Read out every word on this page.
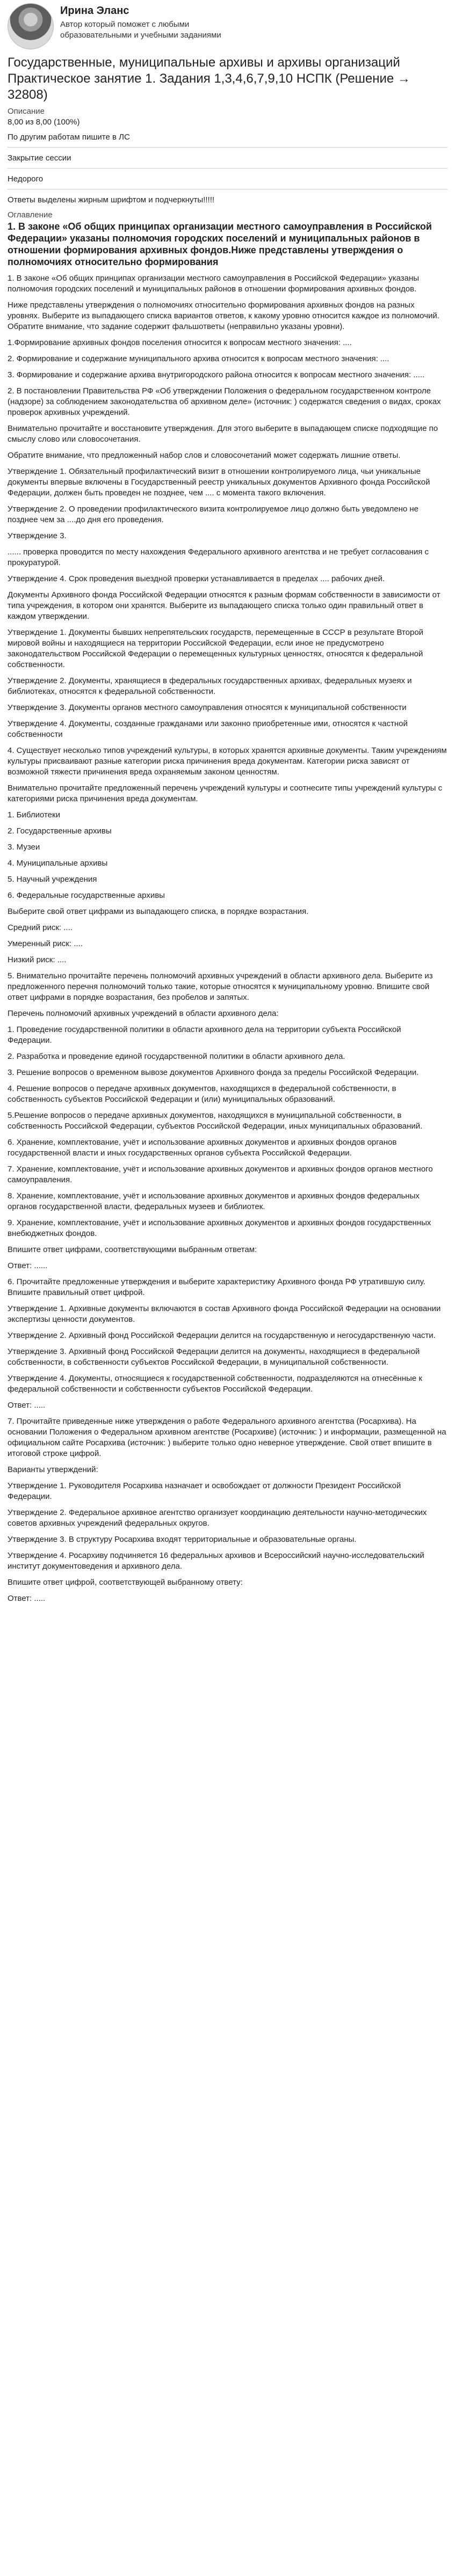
Ирина Эланс
Автор который поможет с любыми образовательными и учебными заданиями
Государственные, муниципальные архивы и архивы организаций Практическое занятие 1. Задания 1,3,4,6,7,9,10 НСПК (Решение → 32808)
Описание
8,00 из 8,00 (100%)
По другим работам пишите в ЛС
Закрытие сессии
Недорого
Ответы выделены жирным шрифтом и подчеркнуты!!!!!
Оглавление
1. В законе «Об общих принципах организации местного самоуправления в Российской Федерации» указаны полномочия городских поселений и муниципальных районов в отношении формирования архивных фондов.Ниже представлены утверждения о полномочиях относительно формирования
1. В законе «Об общих принципах организации местного самоуправления в Российской Федерации» указаны полномочия городских поселений и муниципальных районов в отношении формирования архивных фондов.
Ниже представлены утверждения о полномочиях относительно формирования архивных фондов на разных уровнях. Выберите из выпадающего списка вариантов ответов, к какому уровню относится каждое из полномочий. Обратите внимание, что задание содержит фальшответы (неправильно указаны уровни).
1.Формирование архивных фондов поселения относится к вопросам местного значения: ....
2. Формирование и содержание муниципального архива относится к вопросам местного значения: ....
3. Формирование и содержание архива внутригородского района относится к вопросам местного значения: .....
2. В постановлении Правительства РФ «Об утверждении Положения о федеральном государственном контроле (надзоре) за соблюдением законодательства об архивном деле» (источник: ) содержатся сведения о видах, сроках проверок архивных учреждений.
Внимательно прочитайте и восстановите утверждения. Для этого выберите в выпадающем списке подходящие по смыслу слово или словосочетания.
Обратите внимание, что предложенный набор слов и словосочетаний может содержать лишние ответы.
Утверждение 1. Обязательный профилактический визит в отношении контролируемого лица, чьи уникальные документы впервые включены в Государственный реестр уникальных документов Архивного фонда Российской Федерации, должен быть проведен не позднее, чем .... с момента такого включения.
Утверждение 2. О проведении профилактического визита контролируемое лицо должно быть уведомлено не позднее чем за ....до дня его проведения.
Утверждение 3.
...... проверка проводится по месту нахождения Федерального архивного агентства и не требует согласования с прокуратурой.
Утверждение 4. Срок проведения выездной проверки устанавливается в пределах .... рабочих дней.
Документы Архивного фонда Российской Федерации относятся к разным формам собственности в зависимости от типа учреждения, в котором они хранятся. Выберите из выпадающего списка только один правильный ответ в каждом утверждении.
Утверждение 1. Документы бывших непрепятельских государств, перемещенные в СССР в результате Второй мировой войны и находящиеся на территории Российской Федерации, если иное не предусмотрено законодательством Российской Федерации о перемещенных культурных ценностях, относятся к федеральной собственности.
Утверждение 2. Документы, хранящиеся в федеральных государственных архивах, федеральных музеях и библиотеках, относятся к федеральной собственности.
Утверждение 3. Документы органов местного самоуправления относятся к муниципальной собственности
Утверждение 4. Документы, созданные гражданами или законно приобретенные ими, относятся к частной собственности
4. Существует несколько типов учреждений культуры, в которых хранятся архивные документы. Таким учреждениям культуры присваивают разные категории риска причинения вреда документам. Категории риска зависят от возможной тяжести причинения вреда охраняемым законом ценностям.
Внимательно прочитайте предложенный перечень учреждений культуры и соотнесите типы учреждений культуры с категориями риска причинения вреда документам.
1. Библиотеки
2. Государственные архивы
3. Музеи
4. Муниципальные архивы
5. Научный учреждения
6. Федеральные государственные архивы
Выберите свой ответ цифрами из выпадающего списка, в порядке возрастания.
Средний риск: ....
Умеренный риск: ....
Низкий риск: ....
5. Внимательно прочитайте перечень полномочий архивных учреждений в области архивного дела. Выберите из предложенного перечня полномочий только такие, которые относятся к муниципальному уровню. Впишите свой ответ цифрами в порядке возрастания, без пробелов и запятых.
Перечень полномочий архивных учреждений в области архивного дела:
1. Проведение государственной политики в области архивного дела на территории субъекта Российской Федерации.
2. Разработка и проведение единой государственной политики в области архивного дела.
3. Решение вопросов о временном вывозе документов Архивного фонда за пределы Российской Федерации.
4. Решение вопросов о передаче архивных документов, находящихся в федеральной собственности, в собственность субъектов Российской Федерации и (или) муниципальных образований.
5.Решение вопросов о передаче архивных документов, находящихся в муниципальной собственности, в собственность Российской Федерации, субъектов Российской Федерации, иных муниципальных образований.
6. Хранение, комплектование, учёт и использование архивных документов и архивных фондов органов государственной власти и иных государственных органов субъекта Российской Федерации.
7. Хранение, комплектование, учёт и использование архивных документов и архивных фондов органов местного самоуправления.
8. Хранение, комплектование, учёт и использование архивных документов и архивных фондов федеральных органов государственной власти, федеральных музеев и библиотек.
9. Хранение, комплектование, учёт и использование архивных документов и архивных фондов государственных внебюджетных фондов.
Впишите ответ цифрами, соответствующими выбранным ответам:
Ответ: ......
6. Прочитайте предложенные утверждения и выберите характеристику Архивного фонда РФ утратившую силу. Впишите правильный ответ цифрой.
Утверждение 1. Архивные документы включаются в состав Архивного фонда Российской Федерации на основании экспертизы ценности документов.
Утверждение 2. Архивный фонд Российской Федерации делится на государственную и негосударственную части.
Утверждение 3. Архивный фонд Российской Федерации делится на документы, находящиеся в федеральной собственности, в собственности субъектов Российской Федерации, в муниципальной собственности.
Утверждение 4. Документы, относящиеся к государственной собственности, подразделяются на отнесённые к федеральной собственности и собственности субъектов Российской Федерации.
Ответ: .....
7. Прочитайте приведенные ниже утверждения о работе Федерального архивного агентства (Росархива). На основании Положения о Федеральном архивном агентстве (Росархиве) (источник: ) и информации, размещенной на официальном сайте Росархива (источник: ) выберите только одно неверное утверждение. Свой ответ впишите в итоговой строке цифрой.
Варианты утверждений:
Утверждение 1. Руководителя Росархива назначает и освобождает от должности Президент Российской Федерации.
Утверждение 2. Федеральное архивное агентство организует координацию деятельности научно-методических советов архивных учреждений федеральных округов.
Утверждение 3. В структуру Росархива входят территориальные и образовательные органы.
Утверждение 4. Росархиву подчиняется 16 федеральных архивов и Всероссийский научно-исследовательский институт документоведения и архивного дела.
Впишите ответ цифрой, соответствующей выбранному ответу:
Ответ: .....
